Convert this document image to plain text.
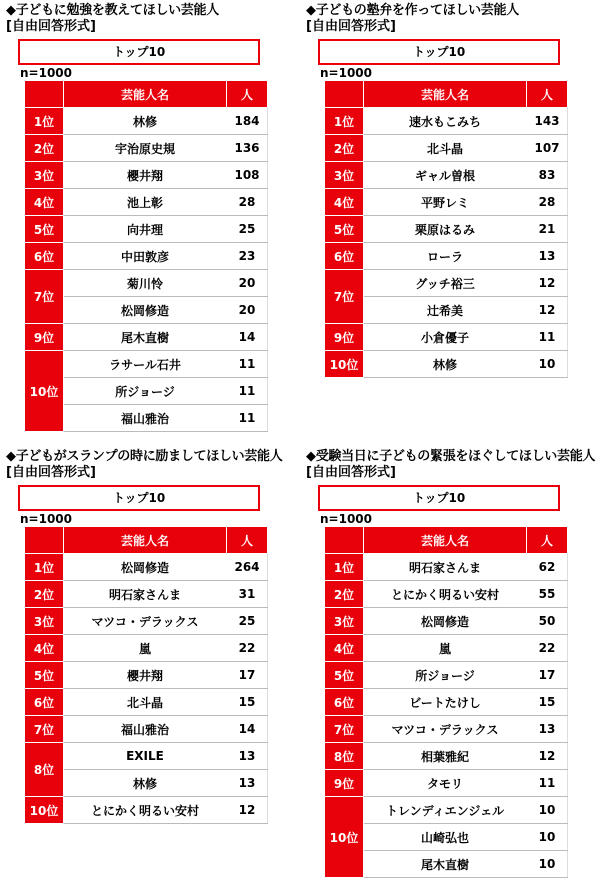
◆子どもに勉強を教えてほしい芸能人
[自由回答形式]
トップ10
n=1000
	芸能人名	人
1位	林修	184
2位	宇治原史規	136
3位	櫻井翔	108
4位	池上彰	28
5位	向井理	25
6位	中田敦彦	23
7位	菊川怜	20
	松岡修造	20
9位	尾木直樹	14
10位	ラサール石井	11
	所ジョージ	11
	福山雅治	11
◆子どもの塾弁を作ってほしい芸能人
[自由回答形式]
トップ10
n=1000
	芸能人名	人
1位	速水もこみち	143
2位	北斗晶	107
3位	ギャル曽根	83
4位	平野レミ	28
5位	栗原はるみ	21
6位	ローラ	13
7位	グッチ裕三	12
	辻希美	12
9位	小倉優子	11
10位	林修	10
◆子どもがスランプの時に励ましてほしい芸能人
[自由回答形式]
トップ10
n=1000
	芸能人名	人
1位	松岡修造	264
2位	明石家さんま	31
3位	マツコ・デラックス	25
4位	嵐	22
5位	櫻井翔	17
6位	北斗晶	15
7位	福山雅治	14
8位	EXILE	13
	林修	13
10位	とにかく明るい安村	12
◆受験当日に子どもの緊張をほぐしてほしい芸能人
[自由回答形式]
トップ10
n=1000
	芸能人名	人
1位	明石家さんま	62
2位	とにかく明るい安村	55
3位	松岡修造	50
4位	嵐	22
5位	所ジョージ	17
6位	ビートたけし	15
7位	マツコ・デラックス	13
8位	相葉雅紀	12
9位	タモリ	11
10位	トレンディエンジェル	10
	山崎弘也	10
	尾木直樹	10
